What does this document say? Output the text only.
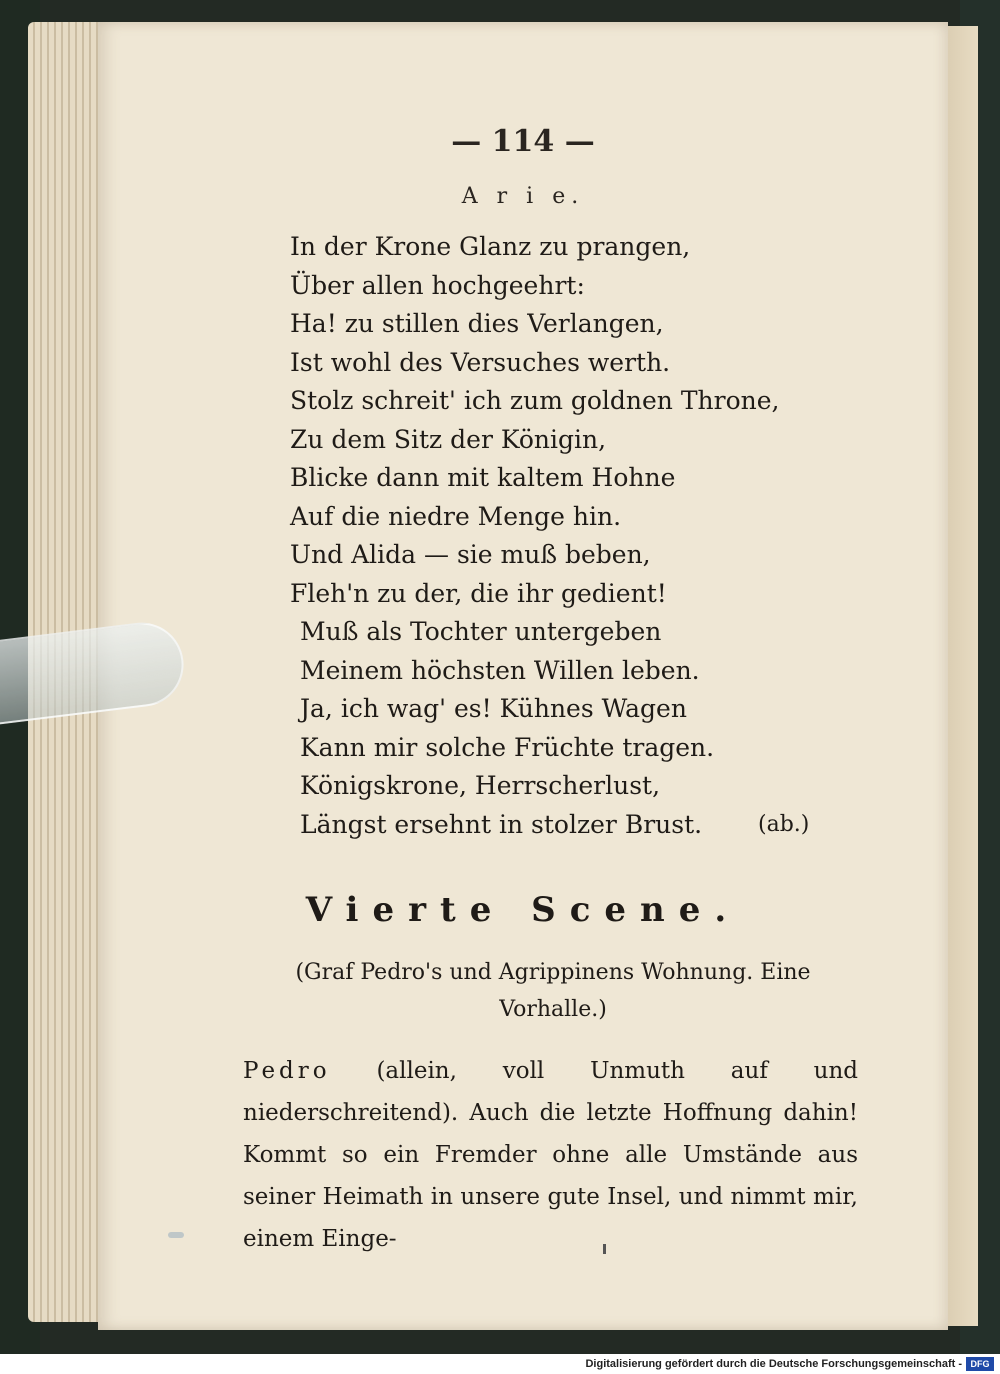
— 114 —
A r i e.
In der Krone Glanz zu prangen,
Über allen hochgeehrt:
Ha! zu stillen dies Verlangen,
Ist wohl des Versuches werth.
Stolz schreit' ich zum goldnen Throne,
Zu dem Sitz der Königin,
Blicke dann mit kaltem Hohne
Auf die niedre Menge hin.
Und Alida — sie muß beben,
Fleh'n zu der, die ihr gedient!
Muß als Tochter untergeben
Meinem höchsten Willen leben.
Ja, ich wag' es! Kühnes Wagen
Kann mir solche Früchte tragen.
Königskrone, Herrscherlust,
Längst ersehnt in stolzer Brust.	(ab.)
Vierte Scene.
(Graf Pedro's und Agrippinens Wohnung. Eine Vorhalle.)
Pedro (allein, voll Unmuth auf und niederschreitend). Auch die letzte Hoffnung dahin! Kommt so ein Fremder ohne alle Umstände aus seiner Heimath in unsere gute Insel, und nimmt mir, einem Einge-
Digitalisierung gefördert durch die Deutsche Forschungsgemeinschaft - DFG
